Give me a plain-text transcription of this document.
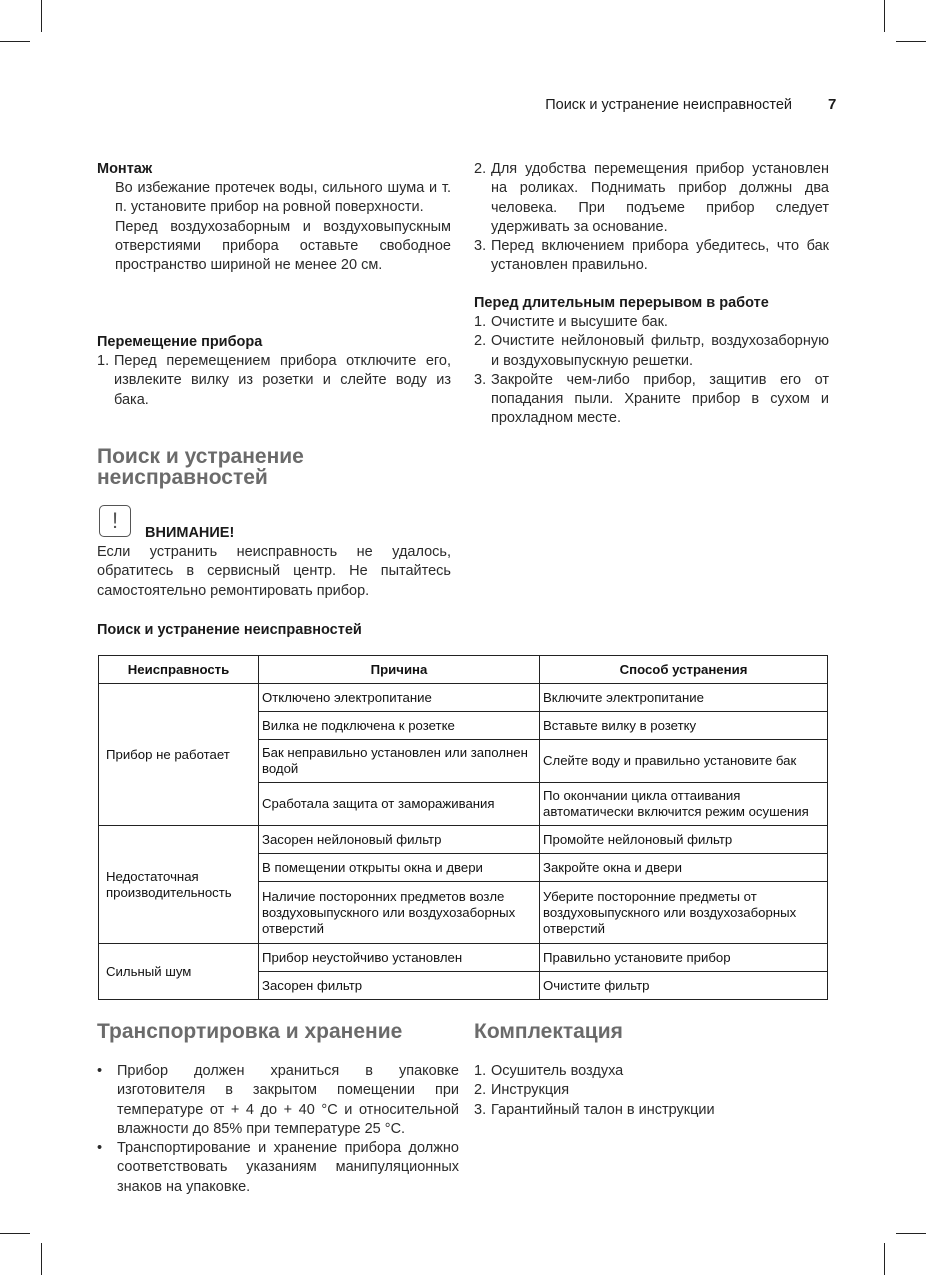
Поиск и устранение неисправностей 7

Монтаж

Во избежание протечек воды, сильного шума и т. п. установите прибор на ровной поверхности.

Перед воздухозаборным и воздуховыпускным отверстиями прибора оставьте свободное пространство шириной не менее 20 см.

Перемещение прибора

1. Перед перемещением прибора отключите его, извлеките вилку из розетки и слейте воду из бака.
2. Для удобства перемещения прибор установлен на роликах. Поднимать прибор должны два человека. При подъеме прибор следует удерживать за основание.
3. Перед включением прибора убедитесь, что бак установлен правильно.

Перед длительным перерывом в работе

1. Очистите и высушите бак.
2. Очистите нейлоновый фильтр, воздухозаборную и воздуховыпускную решетки.
3. Закройте чем-либо прибор, защитив его от попадания пыли. Храните прибор в сухом и прохладном месте.

Поиск и устранение

неисправностей

!	ВНИМАНИЕ!

Если устранить неисправность не удалось, обратитесь в сервисный центр. Не пытайтесь самостоятельно ремонтировать прибор.

Поиск и устранение неисправностей

Неисправность	Причина	Способ устранения
Прибор не работает	Отключено электропитание	Включите электропитание
	Вилка не подключена к розетке	Вставьте вилку в розетку
	Бак неправильно установлен или заполнен водой	Слейте воду и правильно установите бак
	Сработала защита от замораживания	По окончании цикла оттаивания автоматически включится режим осушения
Недостаточная производительность	Засорен нейлоновый фильтр	Промойте нейлоновый фильтр
	В помещении открыты окна и двери	Закройте окна и двери
	Наличие посторонних предметов возле воздуховыпускного или воздухозаборных отверстий	Уберите посторонние предметы от воздуховыпускного или воздухозаборных отверстий
Сильный шум	Прибор неустойчиво установлен	Правильно установите прибор
	Засорен фильтр	Очистите фильтр

Транспортировка и хранение

• Прибор должен храниться в упаковке изготовителя в закрытом помещении при температуре от + 4 до + 40 °С и относительной влажности до 85% при температуре 25 °С.
• Транспортирование и хранение прибора должно соответствовать указаниям манипуляционных знаков на упаковке.

Комплектация

1. Осушитель воздуха
2. Инструкция
3. Гарантийный талон в инструкции
